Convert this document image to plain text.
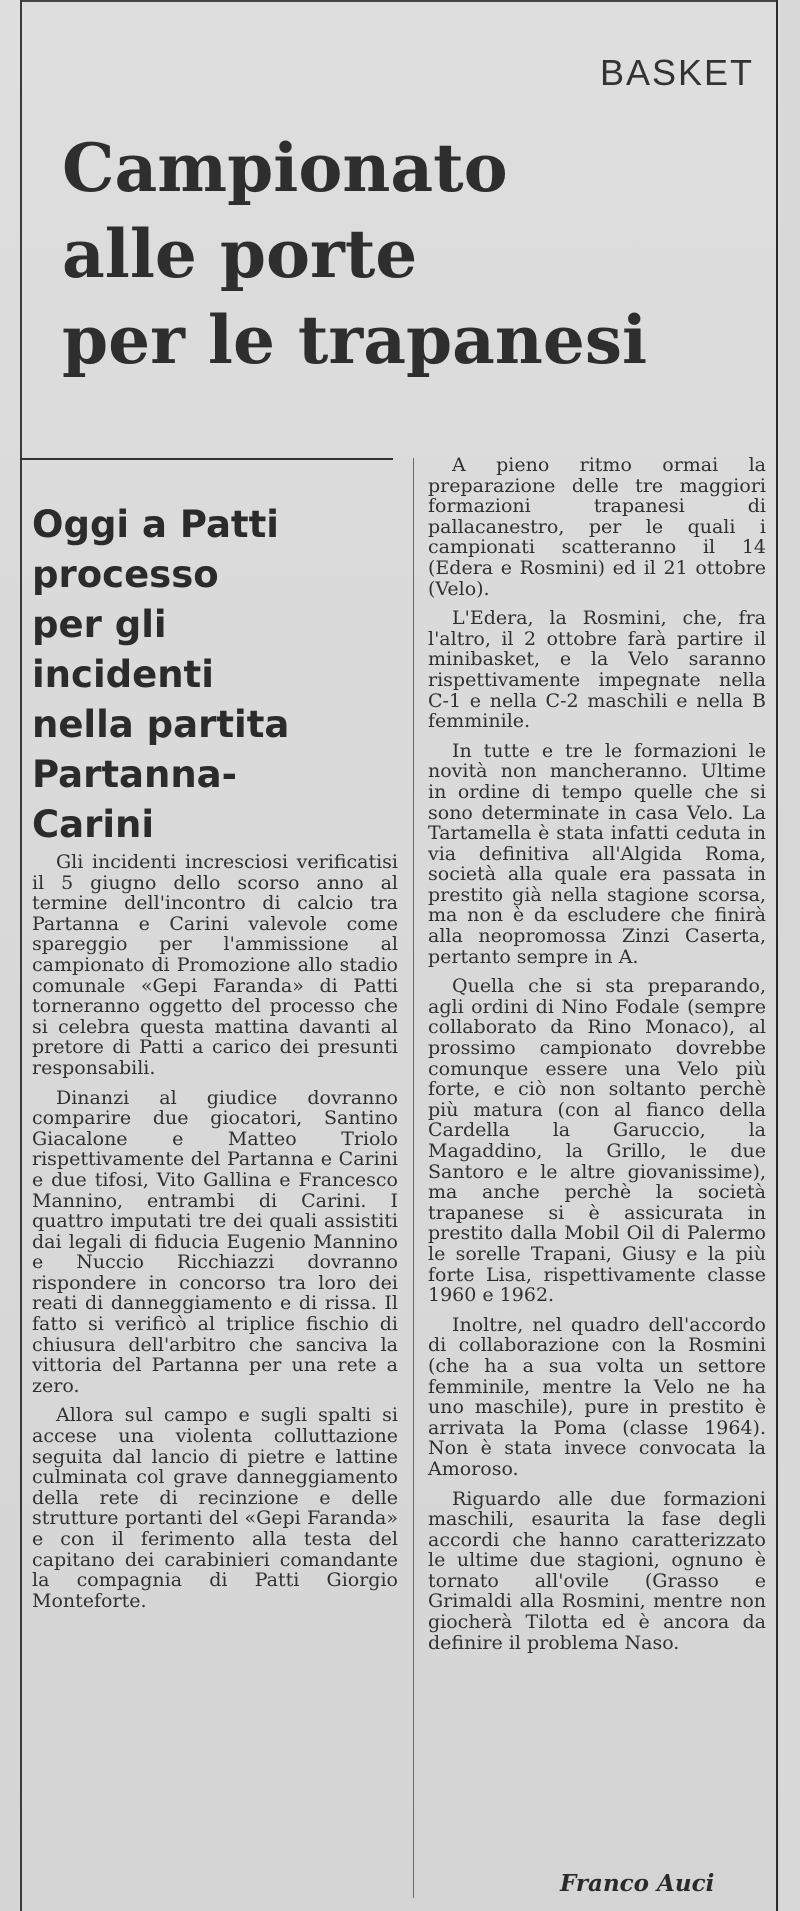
BASKET
Campionato
alle porte
per le trapanesi
Oggi a Patti
processo
per gli
incidenti
nella partita
Partanna-
Carini

Gli incidenti incresciosi verificatisi il 5 giugno dello scorso anno al termine dell'incontro di calcio tra Partanna e Carini valevole come spareggio per l'ammissione al campionato di Promozione allo stadio comunale «Gepi Faranda» di Patti torneranno oggetto del processo che si celebra questa mattina davanti al pretore di Patti a carico dei presunti responsabili.

Dinanzi al giudice dovranno comparire due giocatori, Santino Giacalone e Matteo Triolo rispettivamente del Partanna e Carini e due tifosi, Vito Gallina e Francesco Mannino, entrambi di Carini. I quattro imputati tre dei quali assistiti dai legali di fiducia Eugenio Mannino e Nuccio Ricchiazzi dovranno rispondere in concorso tra loro dei reati di danneggiamento e di rissa. Il fatto si verificò al triplice fischio di chiusura dell'arbitro che sanciva la vittoria del Partanna per una rete a zero.

Allora sul campo e sugli spalti si accese una violenta colluttazione seguita dal lancio di pietre e lattine culminata col grave danneggiamento della rete di recinzione e delle strutture portanti del «Gepi Faranda» e con il ferimento alla testa del capitano dei carabinieri comandante la compagnia di Patti Giorgio Monteforte.

A pieno ritmo ormai la preparazione delle tre maggiori formazioni trapanesi di pallacanestro, per le quali i campionati scatteranno il 14 (Edera e Rosmini) ed il 21 ottobre (Velo).

L'Edera, la Rosmini, che, fra l'altro, il 2 ottobre farà partire il minibasket, e la Velo saranno rispettivamente impegnate nella C-1 e nella C-2 maschili e nella B femminile.

In tutte e tre le formazioni le novità non mancheranno. Ultime in ordine di tempo quelle che si sono determinate in casa Velo. La Tartamella è stata infatti ceduta in via definitiva all'Algida Roma, società alla quale era passata in prestito già nella stagione scorsa, ma non è da escludere che finirà alla neopromossa Zinzi Caserta, pertanto sempre in A.

Quella che si sta preparando, agli ordini di Nino Fodale (sempre collaborato da Rino Monaco), al prossimo campionato dovrebbe comunque essere una Velo più forte, e ciò non soltanto perchè più matura (con al fianco della Cardella la Garuccio, la Magaddino, la Grillo, le due Santoro e le altre giovanissime), ma anche perchè la società trapanese si è assicurata in prestito dalla Mobil Oil di Palermo le sorelle Trapani, Giusy e la più forte Lisa, rispettivamente classe 1960 e 1962.

Inoltre, nel quadro dell'accordo di collaborazione con la Rosmini (che ha a sua volta un settore femminile, mentre la Velo ne ha uno maschile), pure in prestito è arrivata la Poma (classe 1964). Non è stata invece convocata la Amoroso.

Riguardo alle due formazioni maschili, esaurita la fase degli accordi che hanno caratterizzato le ultime due stagioni, ognuno è tornato all'ovile (Grasso e Grimaldi alla Rosmini, mentre non giocherà Tilotta ed è ancora da definire il problema Naso.

Franco Auci
